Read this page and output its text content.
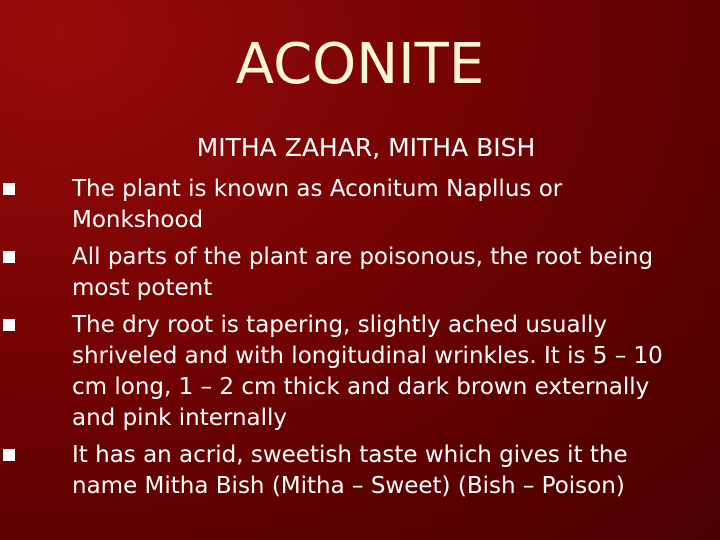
ACONITE
MITHA ZAHAR, MITHA BISH
The plant is known as Aconitum Napllus or Monkshood
All parts of the plant are poisonous, the root being most potent
The dry root is tapering, slightly ached usually shriveled and with longitudinal wrinkles. It is 5 – 10 cm long, 1 – 2 cm thick and dark brown externally and pink internally
It has an acrid, sweetish taste which gives it the name Mitha Bish (Mitha – Sweet) (Bish – Poison)
